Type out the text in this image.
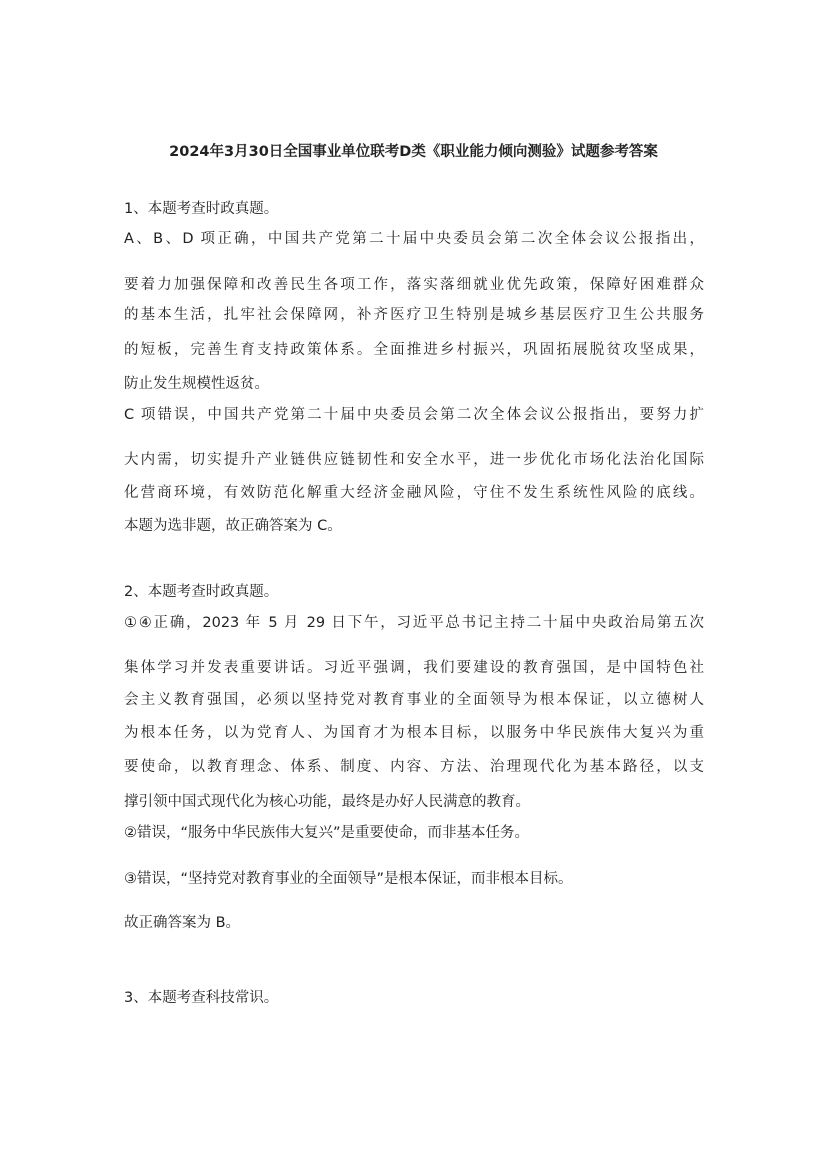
2024年3月30日全国事业单位联考D类《职业能力倾向测验》试题参考答案
1、本题考查时政真题。
A、B、D 项正确，中国共产党第二十届中央委员会第二次全体会议公报指出，
要着力加强保障和改善民生各项工作，落实落细就业优先政策，保障好困难群众
的基本生活，扎牢社会保障网，补齐医疗卫生特别是城乡基层医疗卫生公共服务
的短板，完善生育支持政策体系。全面推进乡村振兴，巩固拓展脱贫攻坚成果，
防止发生规模性返贫。
C 项错误，中国共产党第二十届中央委员会第二次全体会议公报指出，要努力扩
大内需，切实提升产业链供应链韧性和安全水平，进一步优化市场化法治化国际
化营商环境，有效防范化解重大经济金融风险，守住不发生系统性风险的底线。
本题为选非题，故正确答案为 C。
2、本题考查时政真题。
①④正确，2023 年 5 月 29 日下午，习近平总书记主持二十届中央政治局第五次
集体学习并发表重要讲话。习近平强调，我们要建设的教育强国，是中国特色社
会主义教育强国，必须以坚持党对教育事业的全面领导为根本保证，以立德树人
为根本任务，以为党育人、为国育才为根本目标，以服务中华民族伟大复兴为重
要使命，以教育理念、体系、制度、内容、方法、治理现代化为基本路径，以支
撑引领中国式现代化为核心功能，最终是办好人民满意的教育。
②错误，“服务中华民族伟大复兴”是重要使命，而非基本任务。
③错误，“坚持党对教育事业的全面领导”是根本保证，而非根本目标。
故正确答案为 B。
3、本题考查科技常识。
